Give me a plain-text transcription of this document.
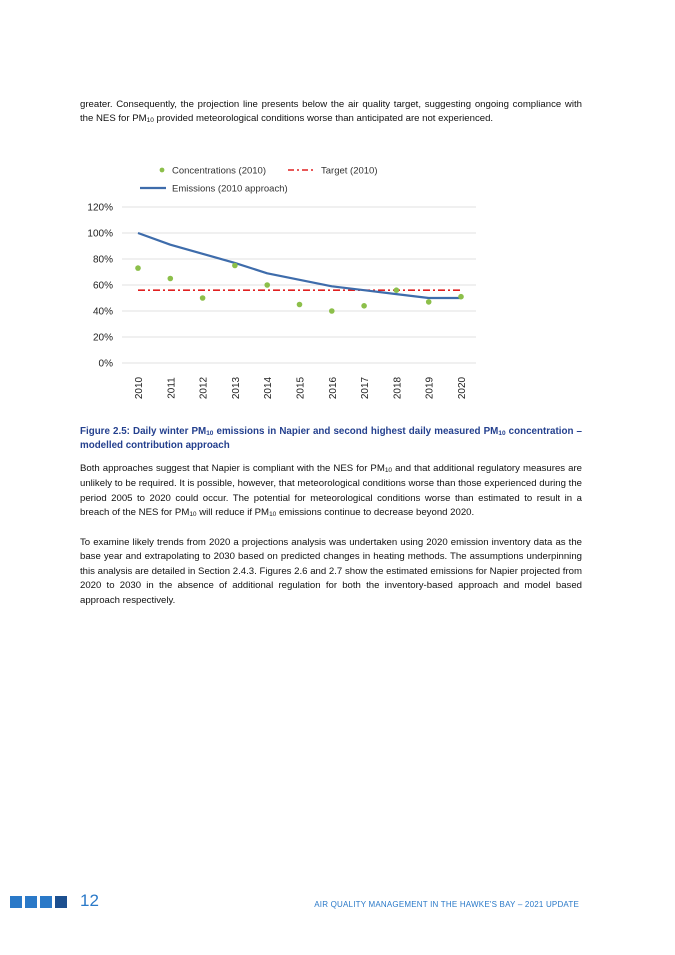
greater. Consequently, the projection line presents below the air quality target, suggesting ongoing compliance with the NES for $PM_{10}$ provided meteorological conditions worse than anticipated are not experienced.

Concentrations (2010)	Target (2010)
Emissions (2010 approach)
0%
20%
40%
60%
80%
100%
120%
2010 2011 2012 2013 2014 2015 2016 2017 2018 2019 2020

Figure 2.5: Daily winter $PM_{10}$ emissions in Napier and second highest daily measured $PM_{10}$ concentration – modelled contribution approach

Both approaches suggest that Napier is compliant with the NES for $PM_{10}$ and that additional regulatory measures are unlikely to be required. It is possible, however, that meteorological conditions worse than those experienced during the period 2005 to 2020 could occur. The potential for meteorological conditions worse than estimated to result in a breach of the NES for $PM_{10}$ will reduce if $PM_{10}$ emissions continue to decrease beyond 2020.

To examine likely trends from 2020 a projections analysis was undertaken using 2020 emission inventory data as the base year and extrapolating to 2030 based on predicted changes in heating methods. The assumptions underpinning this analysis are detailed in Section 2.4.3. Figures 2.6 and 2.7 show the estimated emissions for Napier projected from 2020 to 2030 in the absence of additional regulation for both the inventory-based approach and model based approach respectively.

12	AIR QUALITY MANAGEMENT IN THE HAWKE'S BAY – 2021 UPDATE
